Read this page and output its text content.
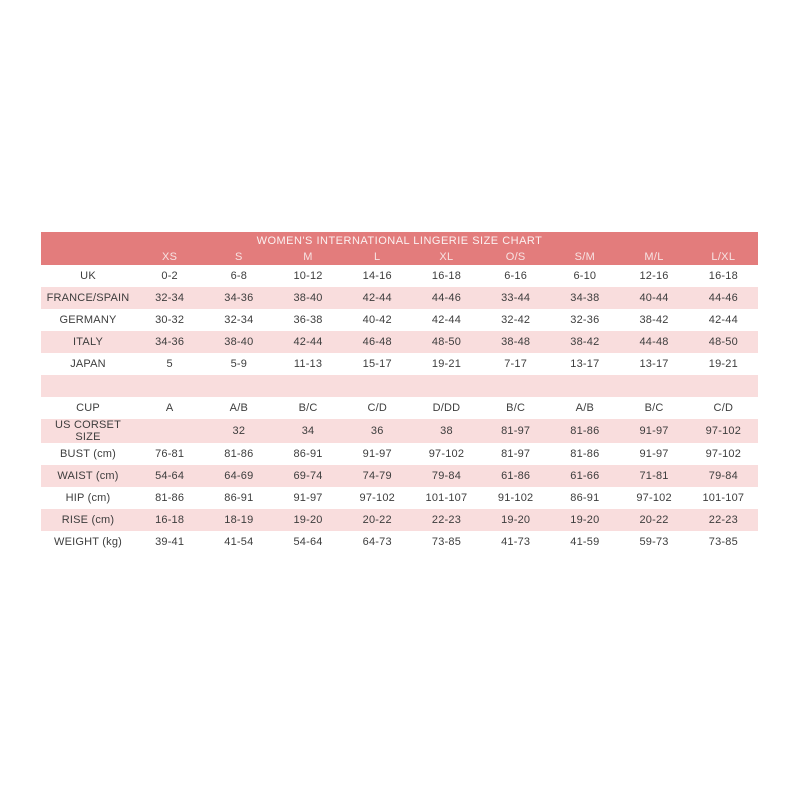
WOMEN'S INTERNATIONAL LINGERIE SIZE CHART									
	XS	S	M	L	XL	O/S	S/M	M/L	L/XL
UK	0-2	6-8	10-12	14-16	16-18	6-16	6-10	12-16	16-18
FRANCE/SPAIN	32-34	34-36	38-40	42-44	44-46	33-44	34-38	40-44	44-46
GERMANY	30-32	32-34	36-38	40-42	42-44	32-42	32-36	38-42	42-44
ITALY	34-36	38-40	42-44	46-48	48-50	38-48	38-42	44-48	48-50
JAPAN	5	5-9	11-13	15-17	19-21	7-17	13-17	13-17	19-21

CUP	A	A/B	B/C	C/D	D/DD	B/C	A/B	B/C	C/D
US CORSET SIZE		32	34	36	38	81-97	81-86	91-97	97-102
BUST (cm)	76-81	81-86	86-91	91-97	97-102	81-97	81-86	91-97	97-102
WAIST (cm)	54-64	64-69	69-74	74-79	79-84	61-86	61-66	71-81	79-84
HIP (cm)	81-86	86-91	91-97	97-102	101-107	91-102	86-91	97-102	101-107
RISE (cm)	16-18	18-19	19-20	20-22	22-23	19-20	19-20	20-22	22-23
WEIGHT (kg)	39-41	41-54	54-64	64-73	73-85	41-73	41-59	59-73	73-85
